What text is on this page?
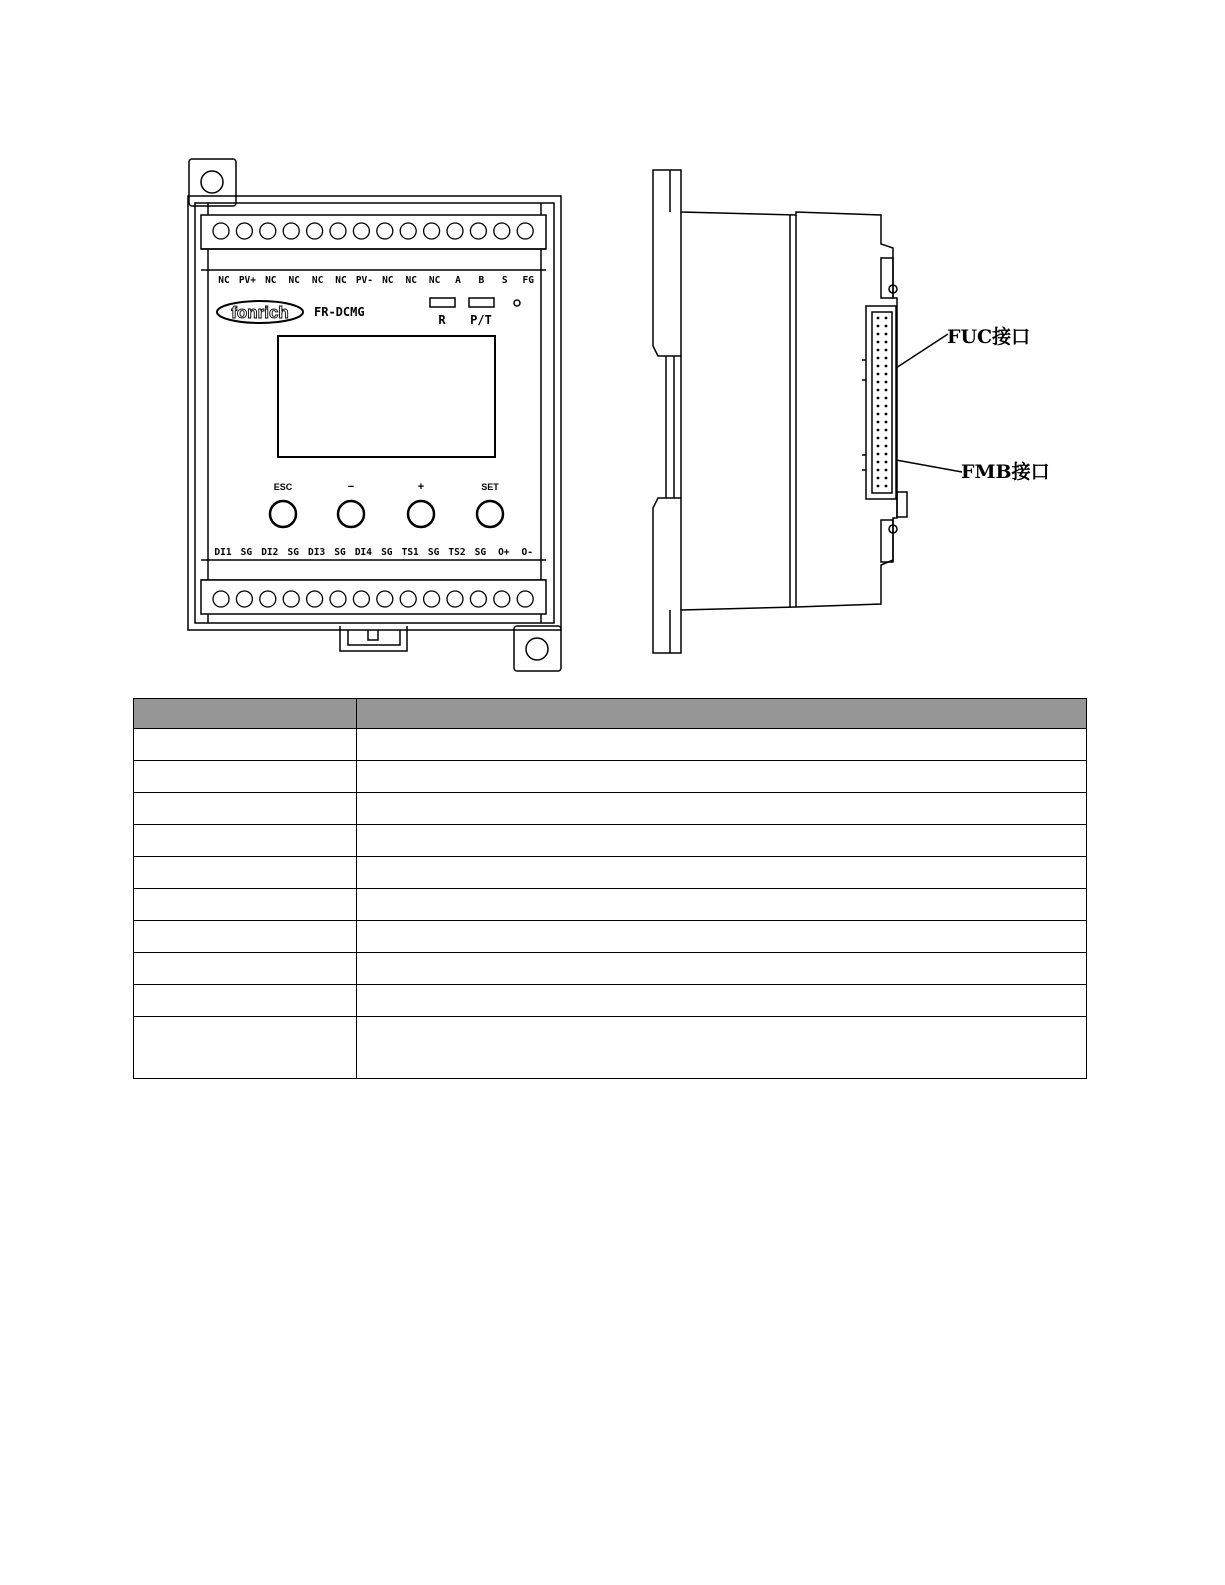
NC PV+ NC NC NC NC PV- NC NC NC A B S FG
DI1 SG DI2 SG DI3 SG DI4 SG TS1 SG TS2 SG O+ O-
fonrich FR-DCMG
R P/T
ESC	−	+	SET
FUC接口
FMB接口
